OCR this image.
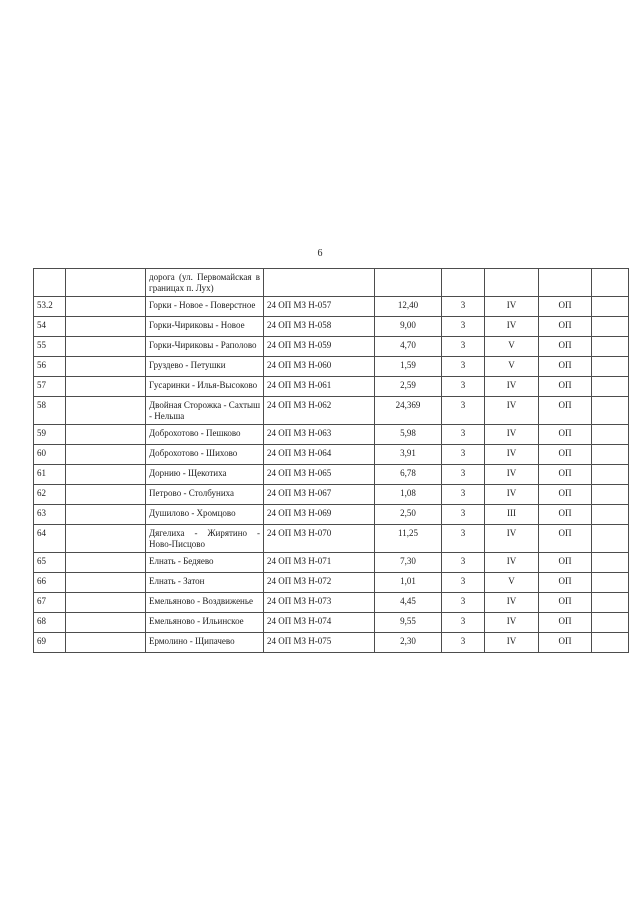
6
		дорога (ул. Первомайская в границах п. Лух)						
53.2		Горки - Новое - Поверстное	24 ОП МЗ Н-057	12,40	3	IV	ОП	
54		Горки-Чириковы - Новое	24 ОП МЗ Н-058	9,00	3	IV	ОП	
55		Горки-Чириковы - Раполово	24 ОП МЗ Н-059	4,70	3	V	ОП	
56		Груздево - Петушки	24 ОП МЗ Н-060	1,59	3	V	ОП	
57		Гусаринки - Илья-Высоково	24 ОП МЗ Н-061	2,59	3	IV	ОП	
58		Двойная Сторожка - Сахтыш - Нельша	24 ОП МЗ Н-062	24,369	3	IV	ОП	
59		Доброхотово - Пешково	24 ОП МЗ Н-063	5,98	3	IV	ОП	
60		Доброхотово - Шихово	24 ОП МЗ Н-064	3,91	3	IV	ОП	
61		Дорнию - Щекотиха	24 ОП МЗ Н-065	6,78	3	IV	ОП	
62		Петрово - Столбуниха	24 ОП МЗ Н-067	1,08	3	IV	ОП	
63		Душилово - Хромцово	24 ОП МЗ Н-069	2,50	3	III	ОП	
64		Дягелиха - Жирятино - Ново-Писцово	24 ОП МЗ Н-070	11,25	3	IV	ОП	
65		Елнать - Бедяево	24 ОП МЗ Н-071	7,30	3	IV	ОП	
66		Елнать - Затон	24 ОП МЗ Н-072	1,01	3	V	ОП	
67		Емельяново - Воздвиженье	24 ОП МЗ Н-073	4,45	3	IV	ОП	
68		Емельяново - Ильинское	24 ОП МЗ Н-074	9,55	3	IV	ОП	
69		Ермолино - Щипачево	24 ОП МЗ Н-075	2,30	3	IV	ОП	
